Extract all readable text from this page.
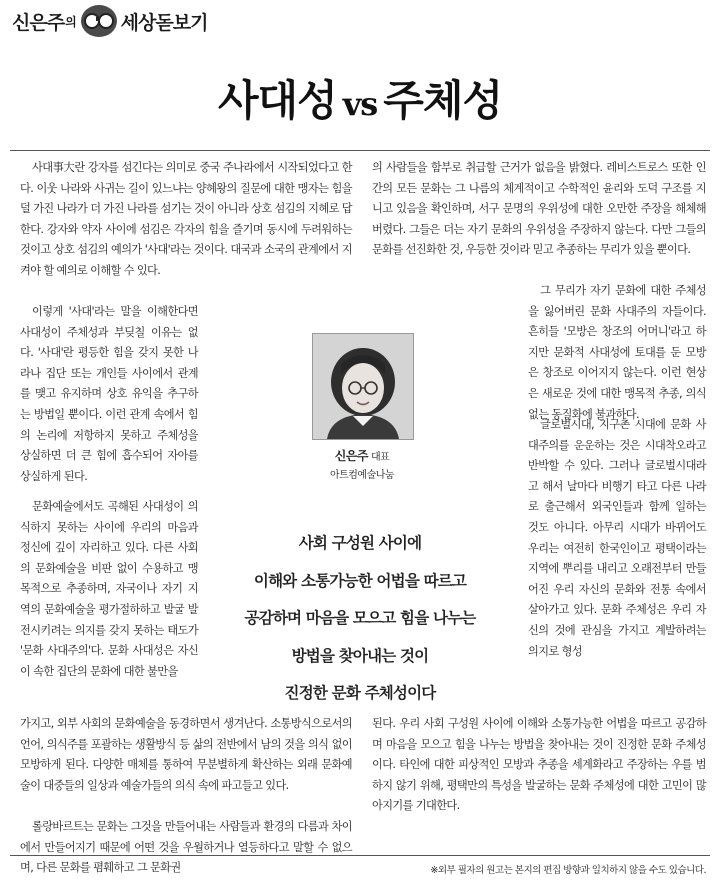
신은주 의 세상돋보기
사대성 vs 주체성
사대事大란 강자를 섬긴다는 의미로 중국 주나라에서 시작되었다고 한다. 이웃 나라와 사귀는 길이 있느냐는 양혜왕의 질문에 대한 맹자는 힘을 덜 가진 나라가 더 가진 나라를 섬기는 것이 아니라 상호 섬김의 지혜로 답한다. 강자와 약자 사이에 섬김은 각자의 힘을 즐기며 동시에 두려워하는 것이고 상호 섬김의 예의가 '사대'라는 것이다. 대국과 소국의 관계에서 지켜야 할 예의로 이해할 수 있다.
이렇게 '사대'라는 말을 이해한다면 사대성이 주체성과 부딪칠 이유는 없다. '사대'란 평등한 힘을 갖지 못한 나라나 집단 또는 개인들 사이에서 관계를 맺고 유지하며 상호 유익을 추구하는 방법일 뿐이다. 이런 관계 속에서 힘의 논리에 저항하지 못하고 주체성을 상실하면 더 큰 힘에 흡수되어 자아를 상실하게 된다.
문화예술에서도 곡해된 사대성이 의식하지 못하는 사이에 우리의 마음과 정신에 깊이 자리하고 있다. 다른 사회의 문화예술을 비판 없이 수용하고 맹목적으로 추종하며, 자국이나 자기 지역의 문화예술을 평가절하하고 발굴 발전시키려는 의지를 갖지 못하는 태도가 '문화 사대주의'다. 문화 사대성은 자신이 속한 집단의 문화에 대한 불만을
가지고, 외부 사회의 문화예술을 동경하면서 생겨난다. 소통방식으로서의 언어, 의식주를 포괄하는 생활방식 등 삶의 전반에서 남의 것을 의식 없이 모방하게 된다. 다양한 매체를 통하여 무분별하게 확산하는 외래 문화예술이 대중들의 일상과 예술가들의 의식 속에 파고들고 있다.
롤랑바르트는 문화는 그것을 만들어내는 사람들과 환경의 다름과 차이에서 만들어지기 때문에 어떤 것을 우월하거나 열등하다고 말할 수 없으며, 다른 문화를 폄훼하고 그 문화권
의 사람들을 함부로 취급할 근거가 없음을 밝혔다. 레비스트로스 또한 인간의 모든 문화는 그 나름의 체계적이고 수학적인 윤리와 도덕 구조를 지니고 있음을 확인하며, 서구 문명의 우위성에 대한 오만한 주장을 해체해 버렸다. 그들은 더는 자기 문화의 우위성을 주장하지 않는다. 다만 그들의 문화를 선진화한 것, 우등한 것이라 믿고 추종하는 무리가 있을 뿐이다.
그 무리가 자기 문화에 대한 주체성을 잃어버린 문화 사대주의 자들이다. 흔히들 '모방은 창조의 어머니'라고 하지만 문화적 사대성에 토대를 둔 모방은 창조로 이어지지 않는다. 이런 현상은 새로운 것에 대한 맹목적 추종, 의식 없는 동질화에 불과하다.
글로벌시대, 지구촌 시대에 문화 사대주의를 운운하는 것은 시대착오라고 반박할 수 있다. 그러나 글로벌시대라고 해서 날마다 비행기 타고 다른 나라로 출근해서 외국인들과 함께 일하는 것도 아니다. 아무리 시대가 바뀌어도 우리는 여전히 한국인이고 평택이라는 지역에 뿌리를 내리고 오래전부터 만들어진 우리 자신의 문화와 전통 속에서 살아가고 있다. 문화 주체성은 우리 자신의 것에 관심을 가지고 계발하려는 의지로 형성
된다. 우리 사회 구성원 사이에 이해와 소통가능한 어법을 따르고 공감하며 마음을 모으고 힘을 나누는 방법을 찾아내는 것이 진정한 문화 주체성이다. 타인에 대한 피상적인 모방과 추종을 세계화라고 주장하는 우를 범하지 않기 위해, 평택만의 특성을 발굴하는 문화 주체성에 대한 고민이 많아지기를 기대한다.
신은주 대표
아트컴예술나눔
사회 구성원 사이에
이해와 소통가능한 어법을 따르고
공감하며 마음을 모으고 힘을 나누는
방법을 찾아내는 것이
진정한 문화 주체성이다
※외부 필자의 원고는 본지의 편집 방향과 일치하지 않을 수도 있습니다.
